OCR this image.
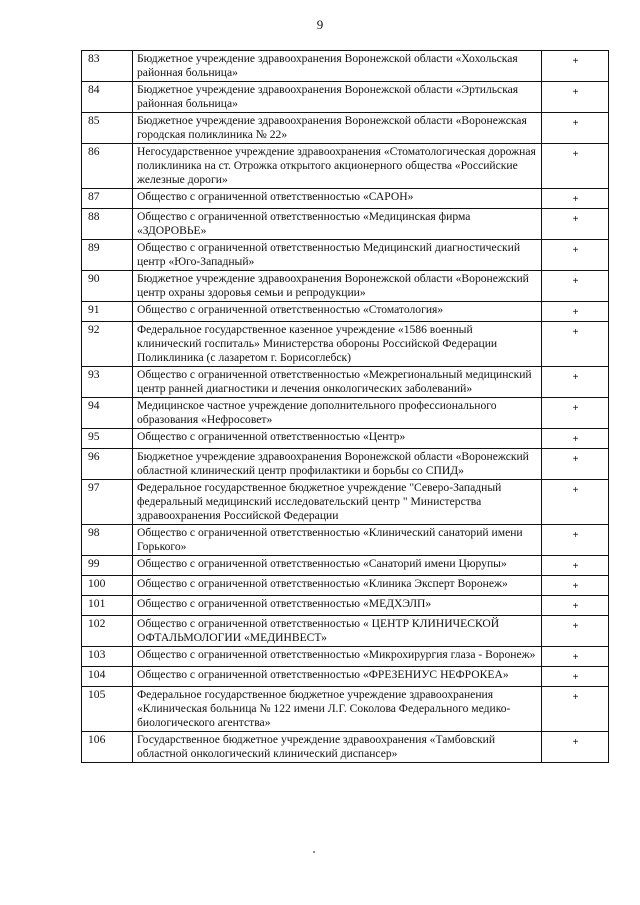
9
83	Бюджетное учреждение здравоохранения Воронежской области «Хохольская районная больница»	+
84	Бюджетное учреждение здравоохранения Воронежской области «Эртильская районная больница»	+
85	Бюджетное учреждение здравоохранения Воронежской области «Воронежская городская поликлиника № 22»	+
86	Негосударственное учреждение здравоохранения «Стоматологическая дорожная поликлиника на ст. Отрожка открытого акционерного общества «Российские железные дороги»	+
87	Общество с ограниченной ответственностью «САРОН»	+
88	Общество с ограниченной ответственностью «Медицинская фирма «ЗДОРОВЬЕ»	+
89	Общество с ограниченной ответственностью Медицинский диагностический центр «Юго-Западный»	+
90	Бюджетное учреждение здравоохранения Воронежской области «Воронежский центр охраны здоровья семьи и репродукции»	+
91	Общество с ограниченной ответственностью «Стоматология»	+
92	Федеральное государственное казенное учреждение «1586 военный клинический госпиталь» Министерства обороны Российской Федерации Поликлиника (с лазаретом г. Борисоглебск)	+
93	Общество с ограниченной ответственностью «Межрегиональный медицинский центр ранней диагностики и лечения онкологических заболеваний»	+
94	Медицинское частное учреждение дополнительного профессионального образования «Нефросовет»	+
95	Общество с ограниченной ответственностью «Центр»	+
96	Бюджетное учреждение здравоохранения Воронежской области «Воронежский областной клинический центр профилактики и борьбы со СПИД»	+
97	Федеральное государственное бюджетное учреждение "Северо-Западный федеральный медицинский исследовательский центр " Министерства здравоохранения Российской Федерации	+
98	Общество с ограниченной ответственностью «Клинический санаторий имени Горького»	+
99	Общество с ограниченной ответственностью «Санаторий имени Цюрупы»	+
100	Общество с ограниченной ответственностью «Клиника Эксперт Воронеж»	+
101	Общество с ограниченной ответственностью «МЕДХЭЛП»	+
102	Общество с ограниченной ответственностью « ЦЕНТР КЛИНИЧЕСКОЙ ОФТАЛЬМОЛОГИИ «МЕДИНВЕСТ»	+
103	Общество с ограниченной ответственностью «Микрохирургия глаза - Воронеж»	+
104	Общество с ограниченной ответственностью «ФРЕЗЕНИУС НЕФРОКЕА»	+
105	Федеральное государственное бюджетное учреждение здравоохранения «Клиническая больница № 122 имени Л.Г. Соколова Федерального медико-биологического агентства»	+
106	Государственное бюджетное учреждение здравоохранения «Тамбовский областной онкологический клинический диспансер»	+
